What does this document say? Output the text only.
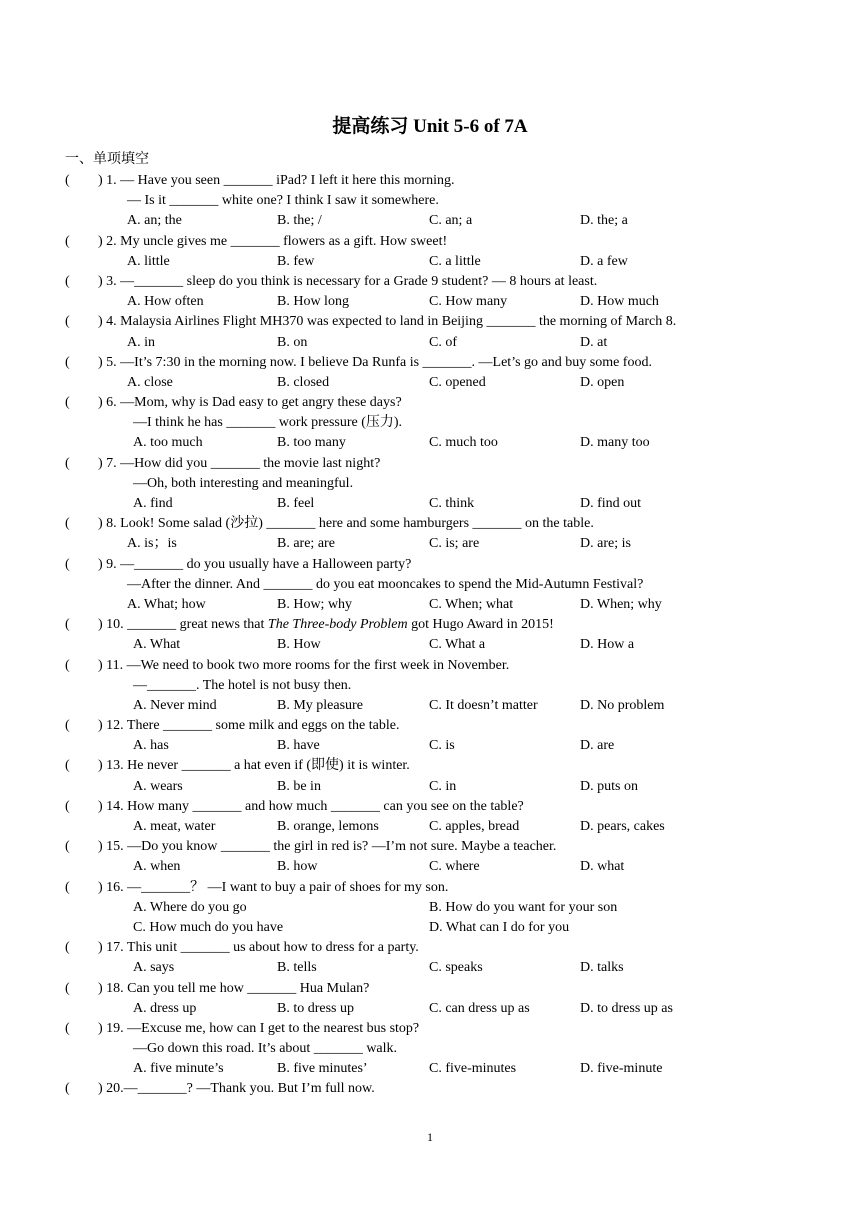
提高练习 Unit 5-6 of 7A
一、单项填空
( ) 1. — Have you seen _______ iPad? I left it here this morning.
— Is it _______ white one? I think I saw it somewhere.
A. an; the	B. the; /	C. an; a	D. the; a
( ) 2. My uncle gives me _______ flowers as a gift. How sweet!
A. little	B. few	C. a little	D. a few
( ) 3. —_______ sleep do you think is necessary for a Grade 9 student? — 8 hours at least.
A. How often	B. How long	C. How many	D. How much
( ) 4. Malaysia Airlines Flight MH370 was expected to land in Beijing _______ the morning of March 8.
A. in	B. on	C. of	D. at
( ) 5. —It’s 7:30 in the morning now. I believe Da Runfa is _______. —Let’s go and buy some food.
A. close	B. closed	C. opened	D. open
( ) 6. —Mom, why is Dad easy to get angry these days?
—I think he has _______ work pressure (压力).
A. too much	B. too many	C. much too	D. many too
( ) 7. —How did you _______ the movie last night?
—Oh, both interesting and meaningful.
A. find	B. feel	C. think	D. find out
( ) 8. Look! Some salad (沙拉) _______ here and some hamburgers _______ on the table.
A. is；is	B. are; are	C. is; are	D. are; is
( ) 9. —_______ do you usually have a Halloween party?
—After the dinner. And _______ do you eat mooncakes to spend the Mid-Autumn Festival?
A. What; how	B. How; why	C. When; what	D. When; why
( ) 10. _______ great news that The Three-body Problem got Hugo Award in 2015!
A. What	B. How	C. What a	D. How a
( ) 11. —We need to book two more rooms for the first week in November.
—_______. The hotel is not busy then.
A. Never mind	B. My pleasure	C. It doesn’t matter	D. No problem
( ) 12. There _______ some milk and eggs on the table.
A. has	B. have	C. is	D. are
( ) 13. He never _______ a hat even if (即使) it is winter.
A. wears	B. be in	C. in	D. puts on
( ) 14. How many _______ and how much _______ can you see on the table?
A. meat, water	B. orange, lemons	C. apples, bread	D. pears, cakes
( ) 15. —Do you know _______ the girl in red is? —I’m not sure. Maybe a teacher.
A. when	B. how	C. where	D. what
( ) 16. —_______？ —I want to buy a pair of shoes for my son.
A. Where do you go	B. How do you want for your son
C. How much do you have	D. What can I do for you
( ) 17. This unit _______ us about how to dress for a party.
A. says	B. tells	C. speaks	D. talks
( ) 18. Can you tell me how _______ Hua Mulan?
A. dress up	B. to dress up	C. can dress up as	D. to dress up as
( ) 19. —Excuse me, how can I get to the nearest bus stop?
—Go down this road. It’s about _______ walk.
A. five minute’s	B. five minutes’	C. five-minutes	D. five-minute
( ) 20.—_______? —Thank you. But I’m full now.
1
